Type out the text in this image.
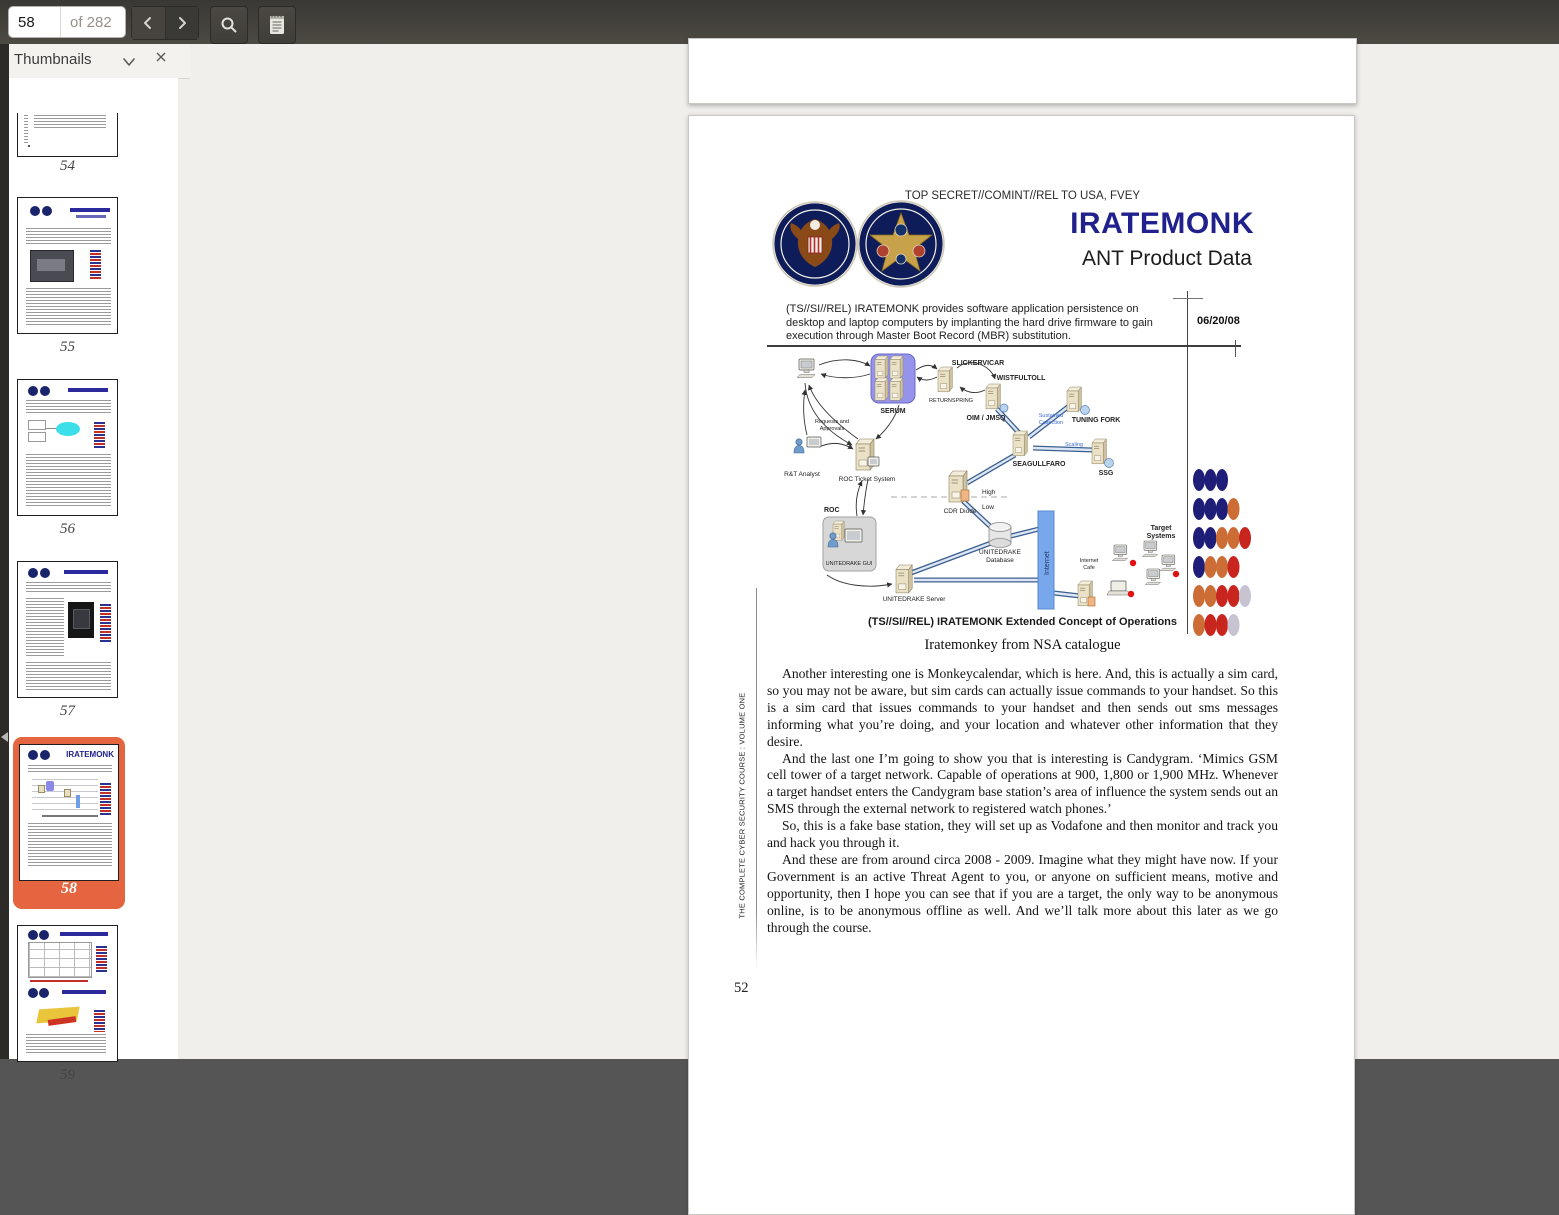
58
of 282
Thumbnails
54
55
56
57
IRATEMONK
58
59
TOP SECRET//COMINT//REL TO USA, FVEY
IRATEMONK
ANT Product Data
(TS//SI//REL) IRATEMONK provides software application persistence on desktop and laptop computers by implanting the hard drive firmware to gain execution through Master Boot Record (MBR) substitution.
06/20/08
Internet
SERUM
SLICKERVICAR
RETURNSPRING
WISTFULTOLL
OIM / JMSQ	TUNING FORK
Sustained
Collection
SEAGULLFARO
Scaling
SSG
R&T Analyst
Requests and
Approvals
ROC Ticket System
High
Low
CDR Diode
ROC
UNITEDRAKE GUI
UNITEDRAKE
Database
UNITEDRAKE Server
Internet
Cafe
Target
Systems
(TS//SI//REL) IRATEMONK Extended Concept of Operations
Iratemonkey from NSA catalogue

Another interesting one is Monkeycalendar, which is here. And, this is actually a sim card, so you may not be aware, but sim cards can actually issue commands to your handset. So this is a sim card that issues commands to your handset and then sends out sms messages informing what you’re doing, and your location and whatever other information that they desire.

And the last one I’m going to show you that is interesting is Candygram. ‘Mimics GSM cell tower of a target network. Capable of operations at 900, 1,800 or 1,900 MHz. Whenever a target handset enters the Candygram base station’s area of influence the system sends out an SMS through the external network to registered watch phones.’

So, this is a fake base station, they will set up as Vodafone and then monitor and track you and hack you through it.

And these are from around circa 2008 - 2009. Imagine what they might have now. If your Government is an active Threat Agent to you, or anyone on sufficient means, motive and opportunity, then I hope you can see that if you are a target, the only way to be anonymous online, is to be anonymous offline as well. And we’ll talk more about this later as we go through the course.

THE COMPLETE CYBER SECURITY COURSE : VOLUME ONE
52
